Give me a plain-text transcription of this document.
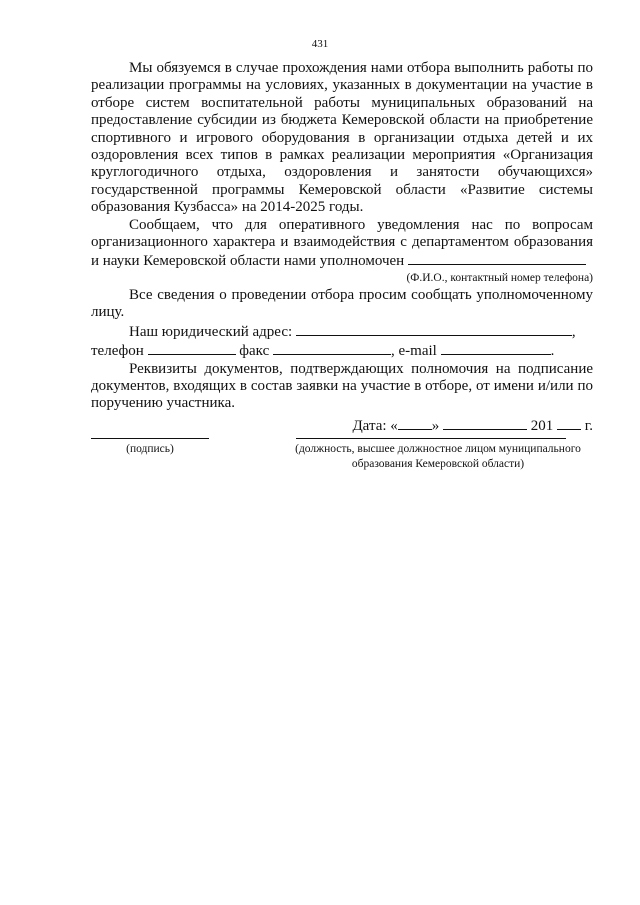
431

Мы обязуемся в случае прохождения нами отбора выполнить работы по реализации программы на условиях, указанных в документации на участие в отборе систем воспитательной работы муниципальных образований на предоставление субсидии из бюджета Кемеровской области на приобретение спортивного и игрового оборудования в организации отдыха детей и их оздоровления всех типов в рамках реализации мероприятия «Организация круглогодичного отдыха, оздоровления и занятости обучающихся» государственной программы Кемеровской области «Развитие системы образования Кузбасса» на 2014-2025 годы.

Сообщаем, что для оперативного уведомления нас по вопросам организационного характера и взаимодействия с департаментом образования и науки Кемеровской области нами уполномочен

(Ф.И.О., контактный номер телефона)

Все сведения о проведении отбора просим сообщать уполномоченному лицу.

Наш юридический адрес:	,

телефон	факс	, e-mail	.

Реквизиты документов, подтверждающих полномочия на подписание документов, входящих в состав заявки на участие в отборе, от имени и/или по поручению участника.

Дата: « »	201 г.

(подпись)	(должность, высшее должностное лицом муниципального
образования Кемеровской области)
